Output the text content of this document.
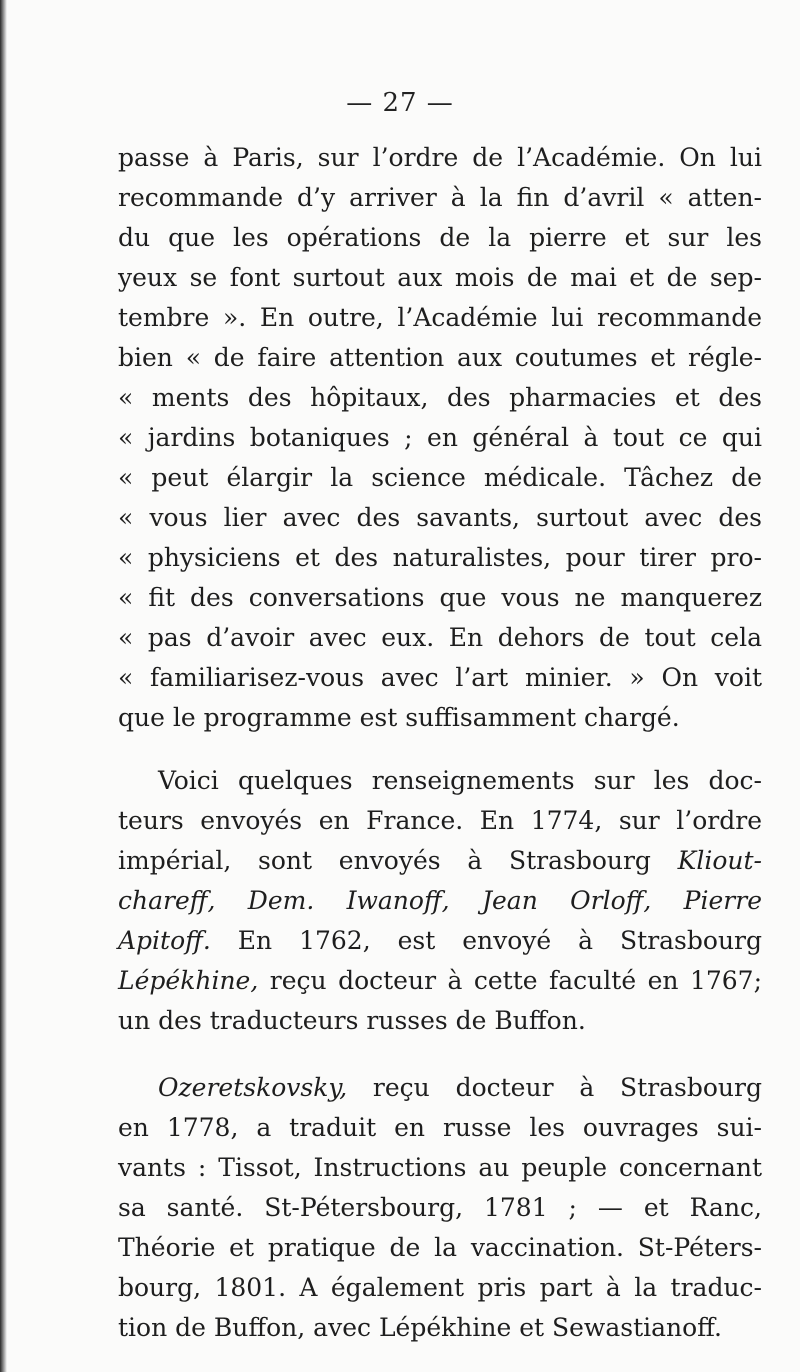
— 27 —
passe à Paris, sur l’ordre de l’Académie. On lui
recommande d’y arriver à la fin d’avril « atten-
du que les opérations de la pierre et sur les
yeux se font surtout aux mois de mai et de sep-
tembre ». En outre, l’Académie lui recommande
bien « de faire attention aux coutumes et régle-
« ments des hôpitaux, des pharmacies et des
« jardins botaniques ; en général à tout ce qui
« peut élargir la science médicale. Tâchez de
« vous lier avec des savants, surtout avec des
« physiciens et des naturalistes, pour tirer pro-
« fit des conversations que vous ne manquerez
« pas d’avoir avec eux. En dehors de tout cela
« familiarisez-vous avec l’art minier. » On voit
que le programme est suffisamment chargé.
Voici quelques renseignements sur les doc-
teurs envoyés en France. En 1774, sur l’ordre
impérial, sont envoyés à Strasbourg Kliout-
chareff, Dem. Iwanoff, Jean Orloff, Pierre
Apitoff. En 1762, est envoyé à Strasbourg
Lépékhine, reçu docteur à cette faculté en 1767;
un des traducteurs russes de Buffon.
Ozeretskovsky, reçu docteur à Strasbourg
en 1778, a traduit en russe les ouvrages sui-
vants : Tissot, Instructions au peuple concernant
sa santé. St-Pétersbourg, 1781 ; — et Ranc,
Théorie et pratique de la vaccination. St-Péters-
bourg, 1801. A également pris part à la traduc-
tion de Buffon, avec Lépékhine et Sewastianoff.
